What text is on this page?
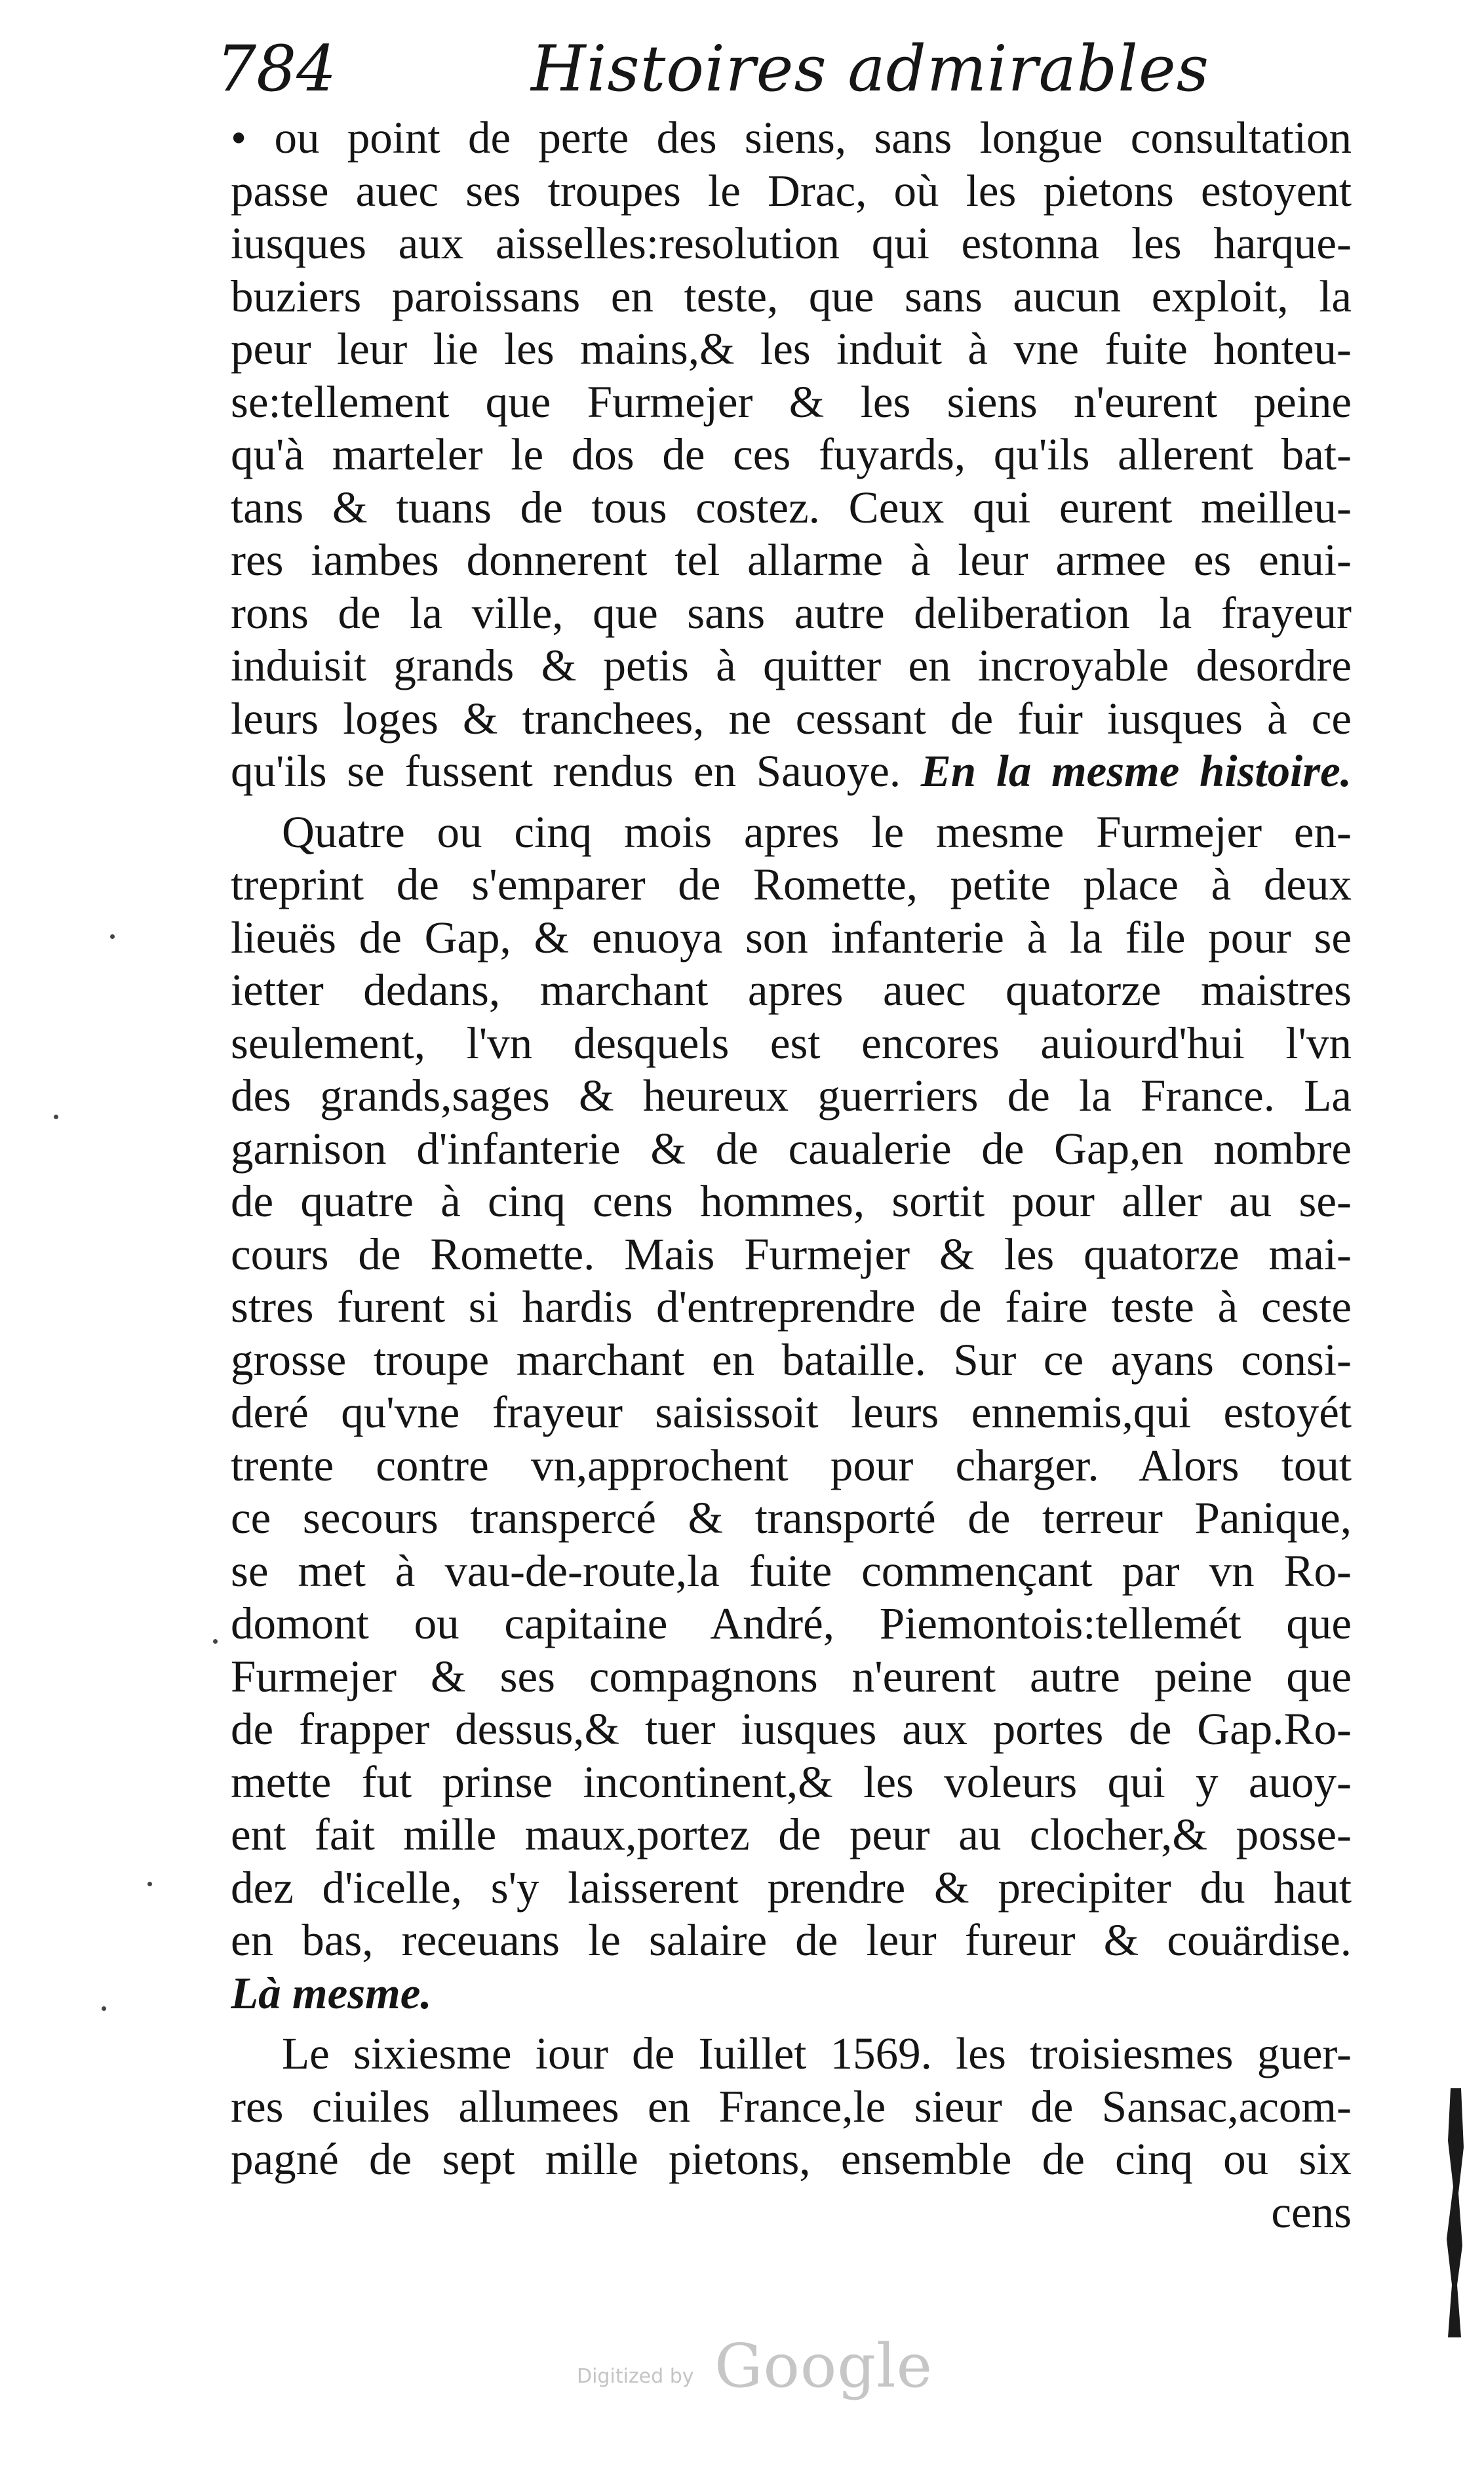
784	Histoires admirables
• ou point de perte des siens, sans longue consultation
passe auec ses troupes le Drac, où les pietons estoyent
iusques aux aisselles:resolution qui estonna les harque-
buziers paroissans en teste, que sans aucun exploit, la
peur leur lie les mains,& les induit à vne fuite honteu-
se:tellement que Furmejer & les siens n'eurent peine
qu'à marteler le dos de ces fuyards, qu'ils allerent bat-
tans & tuans de tous costez. Ceux qui eurent meilleu-
res iambes donnerent tel allarme à leur armee es enui-
rons de la ville, que sans autre deliberation la frayeur
induisit grands & petis à quitter en incroyable desordre
leurs loges & tranchees, ne cessant de fuir iusques à ce
qu'ils se fussent rendus en Sauoye. En la mesme histoire.
Quatre ou cinq mois apres le mesme Furmejer en-
treprint de s'emparer de Romette, petite place à deux
lieuës de Gap, & enuoya son infanterie à la file pour se
ietter dedans, marchant apres auec quatorze maistres
seulement, l'vn desquels est encores auiourd'hui l'vn
des grands,sages & heureux guerriers de la France. La
garnison d'infanterie & de caualerie de Gap,en nombre
de quatre à cinq cens hommes, sortit pour aller au se-
cours de Romette. Mais Furmejer & les quatorze mai-
stres furent si hardis d'entreprendre de faire teste à ceste
grosse troupe marchant en bataille. Sur ce ayans consi-
deré qu'vne frayeur saisissoit leurs ennemis,qui estoyét
trente contre vn,approchent pour charger. Alors tout
ce secours transpercé & transporté de terreur Panique,
se met à vau-de-route,la fuite commençant par vn Ro-
domont ou capitaine André, Piemontois:tellemét que
Furmejer & ses compagnons n'eurent autre peine que
de frapper dessus,& tuer iusques aux portes de Gap.Ro-
mette fut prinse incontinent,& les voleurs qui y auoy-
ent fait mille maux,portez de peur au clocher,& posse-
dez d'icelle, s'y laisserent prendre & precipiter du haut
en bas, receuans le salaire de leur fureur & couärdise.
Là mesme.
Le sixiesme iour de Iuillet 1569. les troisiesmes guer-
res ciuiles allumees en France,le sieur de Sansac,acom-
pagné de sept mille pietons, ensemble de cinq ou six
cens
Digitized by Google
